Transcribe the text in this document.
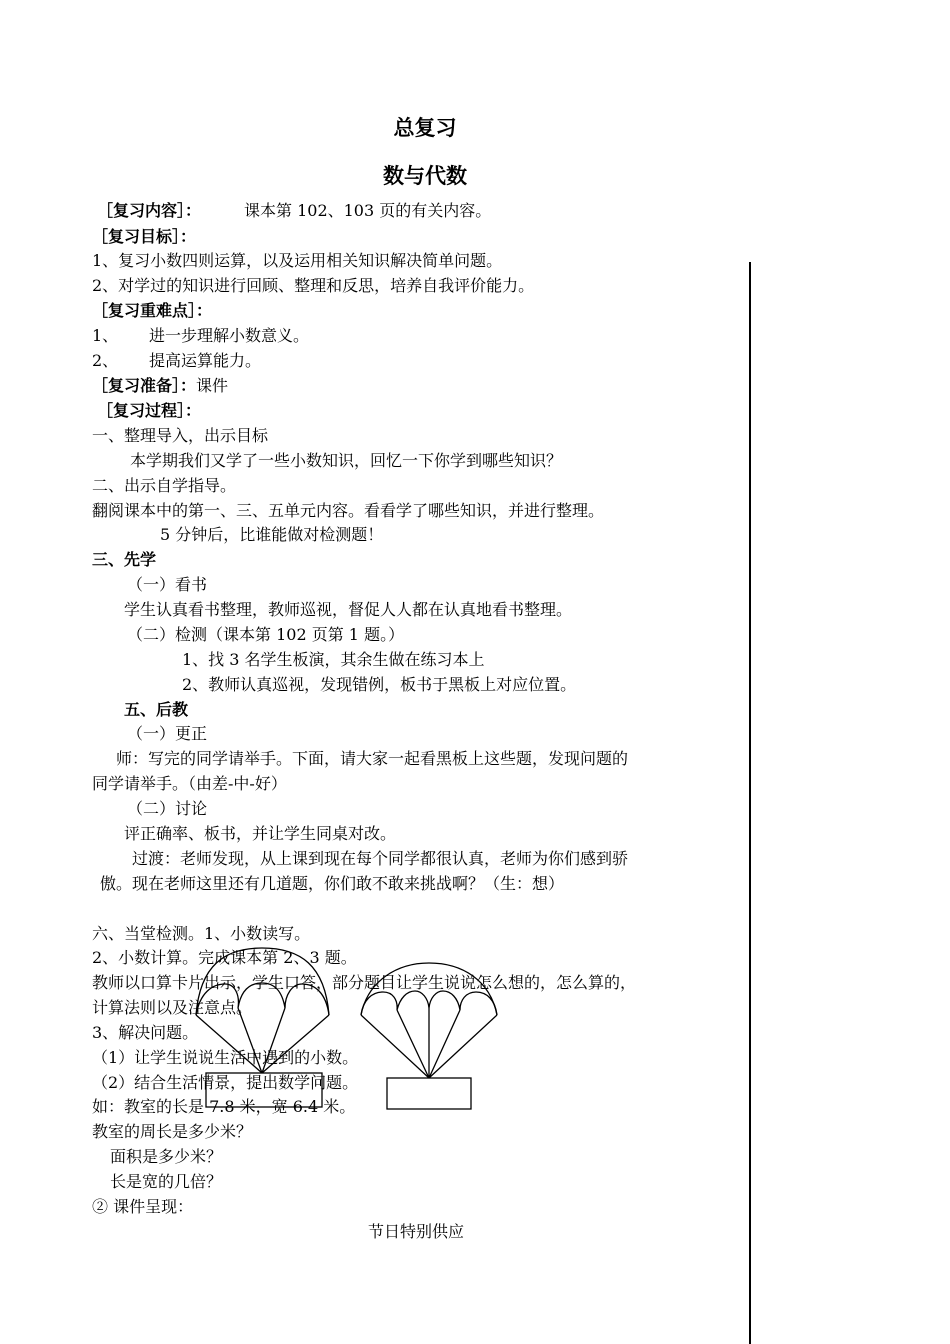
总复习
数与代数
［复习内容］：	课本第 102、103 页的有关内容。
［复习目标］：
1、复习小数四则运算，以及运用相关知识解决简单问题。
2、对学过的知识进行回顾、整理和反思，培养自我评价能力。
［复习重难点］：
1、 进一步理解小数意义。
2、 提高运算能力。
［复习准备］：课件
［复习过程］：
一、整理导入，出示目标
本学期我们又学了一些小数知识，回忆一下你学到哪些知识？
二、出示自学指导。
翻阅课本中的第一、三、五单元内容。看看学了哪些知识，并进行整理。
5 分钟后，比谁能做对检测题！
三、先学
（一）看书
学生认真看书整理，教师巡视，督促人人都在认真地看书整理。
（二）检测（课本第 102 页第 1 题。）
1、找 3 名学生板演，其余生做在练习本上
2、教师认真巡视，发现错例，板书于黑板上对应位置。
五、后教
（一）更正
师：写完的同学请举手。下面，请大家一起看黑板上这些题，发现问题的
同学请举手。（由差-中-好）
（二）讨论
评正确率、板书，并让学生同桌对改。
过渡：老师发现，从上课到现在每个同学都很认真，老师为你们感到骄
傲。现在老师这里还有几道题，你们敢不敢来挑战啊？（生：想）
六、当堂检测。1、小数读写。
2、小数计算。完成课本第 2、3 题。
教师以口算卡片出示，学生口答，部分题目让学生说说怎么想的，怎么算的，
计算法则以及注意点。
3、解决问题。
（1）让学生说说生活中遇到的小数。
（2）结合生活情景，提出数学问题。
如：教室的长是 7.8 米，宽 6.4 米。
教室的周长是多少米？
面积是多少米？
长是宽的几倍？
② 课件呈现：
节日特别供应
